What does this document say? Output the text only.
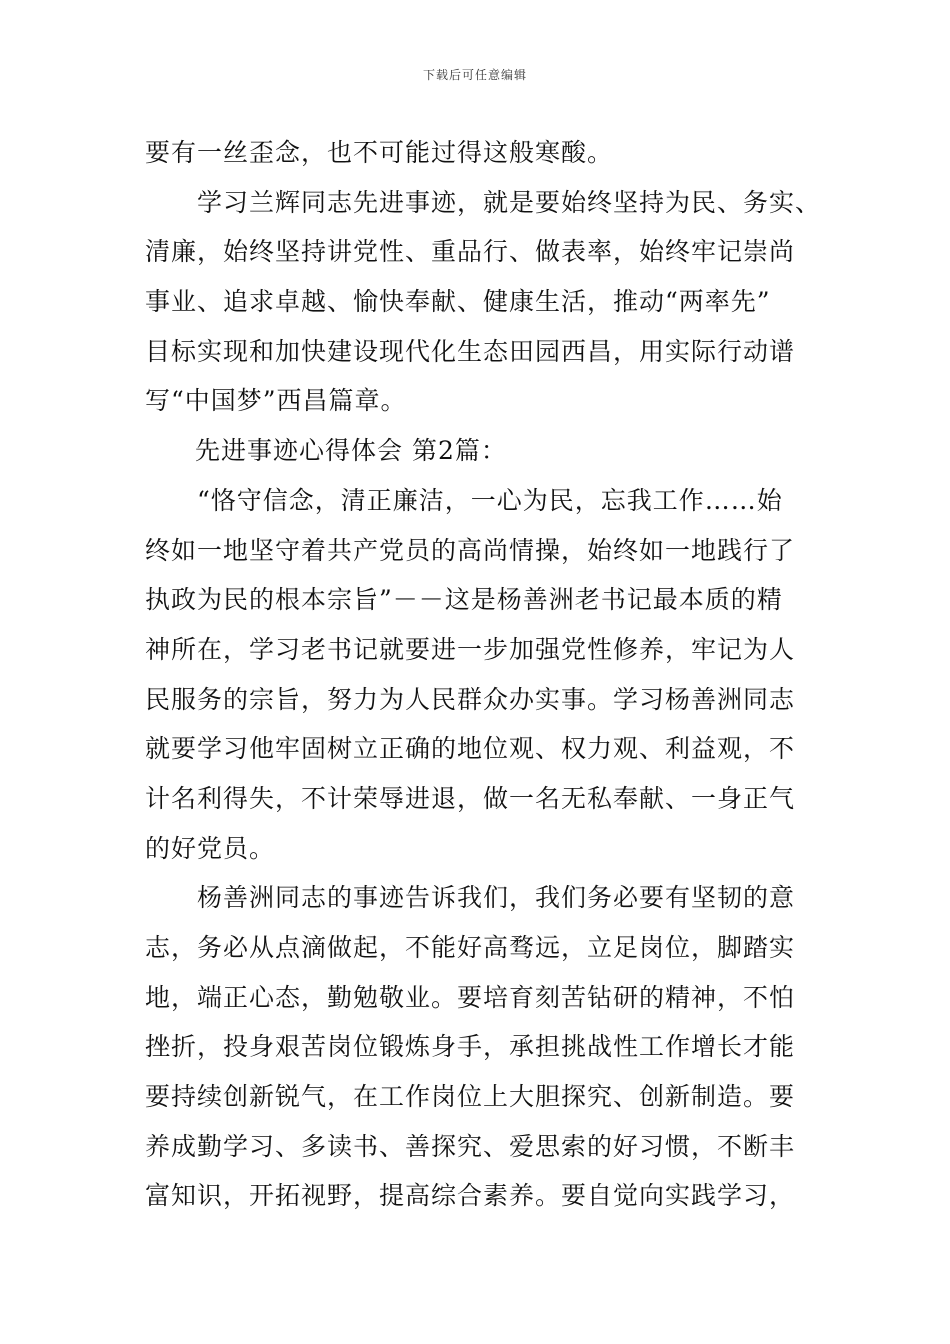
下载后可任意编辑
要有一丝歪念，也不可能过得这般寒酸。
学习兰辉同志先进事迹，就是要始终坚持为民、务实、
清廉，始终坚持讲党性、重品行、做表率，始终牢记崇尚
事业、追求卓越、愉快奉献、健康生活，推动“两率先”
目标实现和加快建设现代化生态田园西昌，用实际行动谱
写“中国梦”西昌篇章。
先进事迹心得体会 第2篇：
“恪守信念，清正廉洁，一心为民，忘我工作……始
终如一地坚守着共产党员的高尚情操，始终如一地践行了
执政为民的根本宗旨”－－这是杨善洲老书记最本质的精
神所在，学习老书记就要进一步加强党性修养，牢记为人
民服务的宗旨，努力为人民群众办实事。学习杨善洲同志
就要学习他牢固树立正确的地位观、权力观、利益观，不
计名利得失，不计荣辱进退，做一名无私奉献、一身正气
的好党员。
杨善洲同志的事迹告诉我们，我们务必要有坚韧的意
志，务必从点滴做起，不能好高骛远，立足岗位，脚踏实
地，端正心态，勤勉敬业。要培育刻苦钻研的精神，不怕
挫折，投身艰苦岗位锻炼身手，承担挑战性工作增长才能
要持续创新锐气，在工作岗位上大胆探究、创新制造。要
养成勤学习、多读书、善探究、爱思索的好习惯，不断丰
富知识，开拓视野，提高综合素养。要自觉向实践学习，
